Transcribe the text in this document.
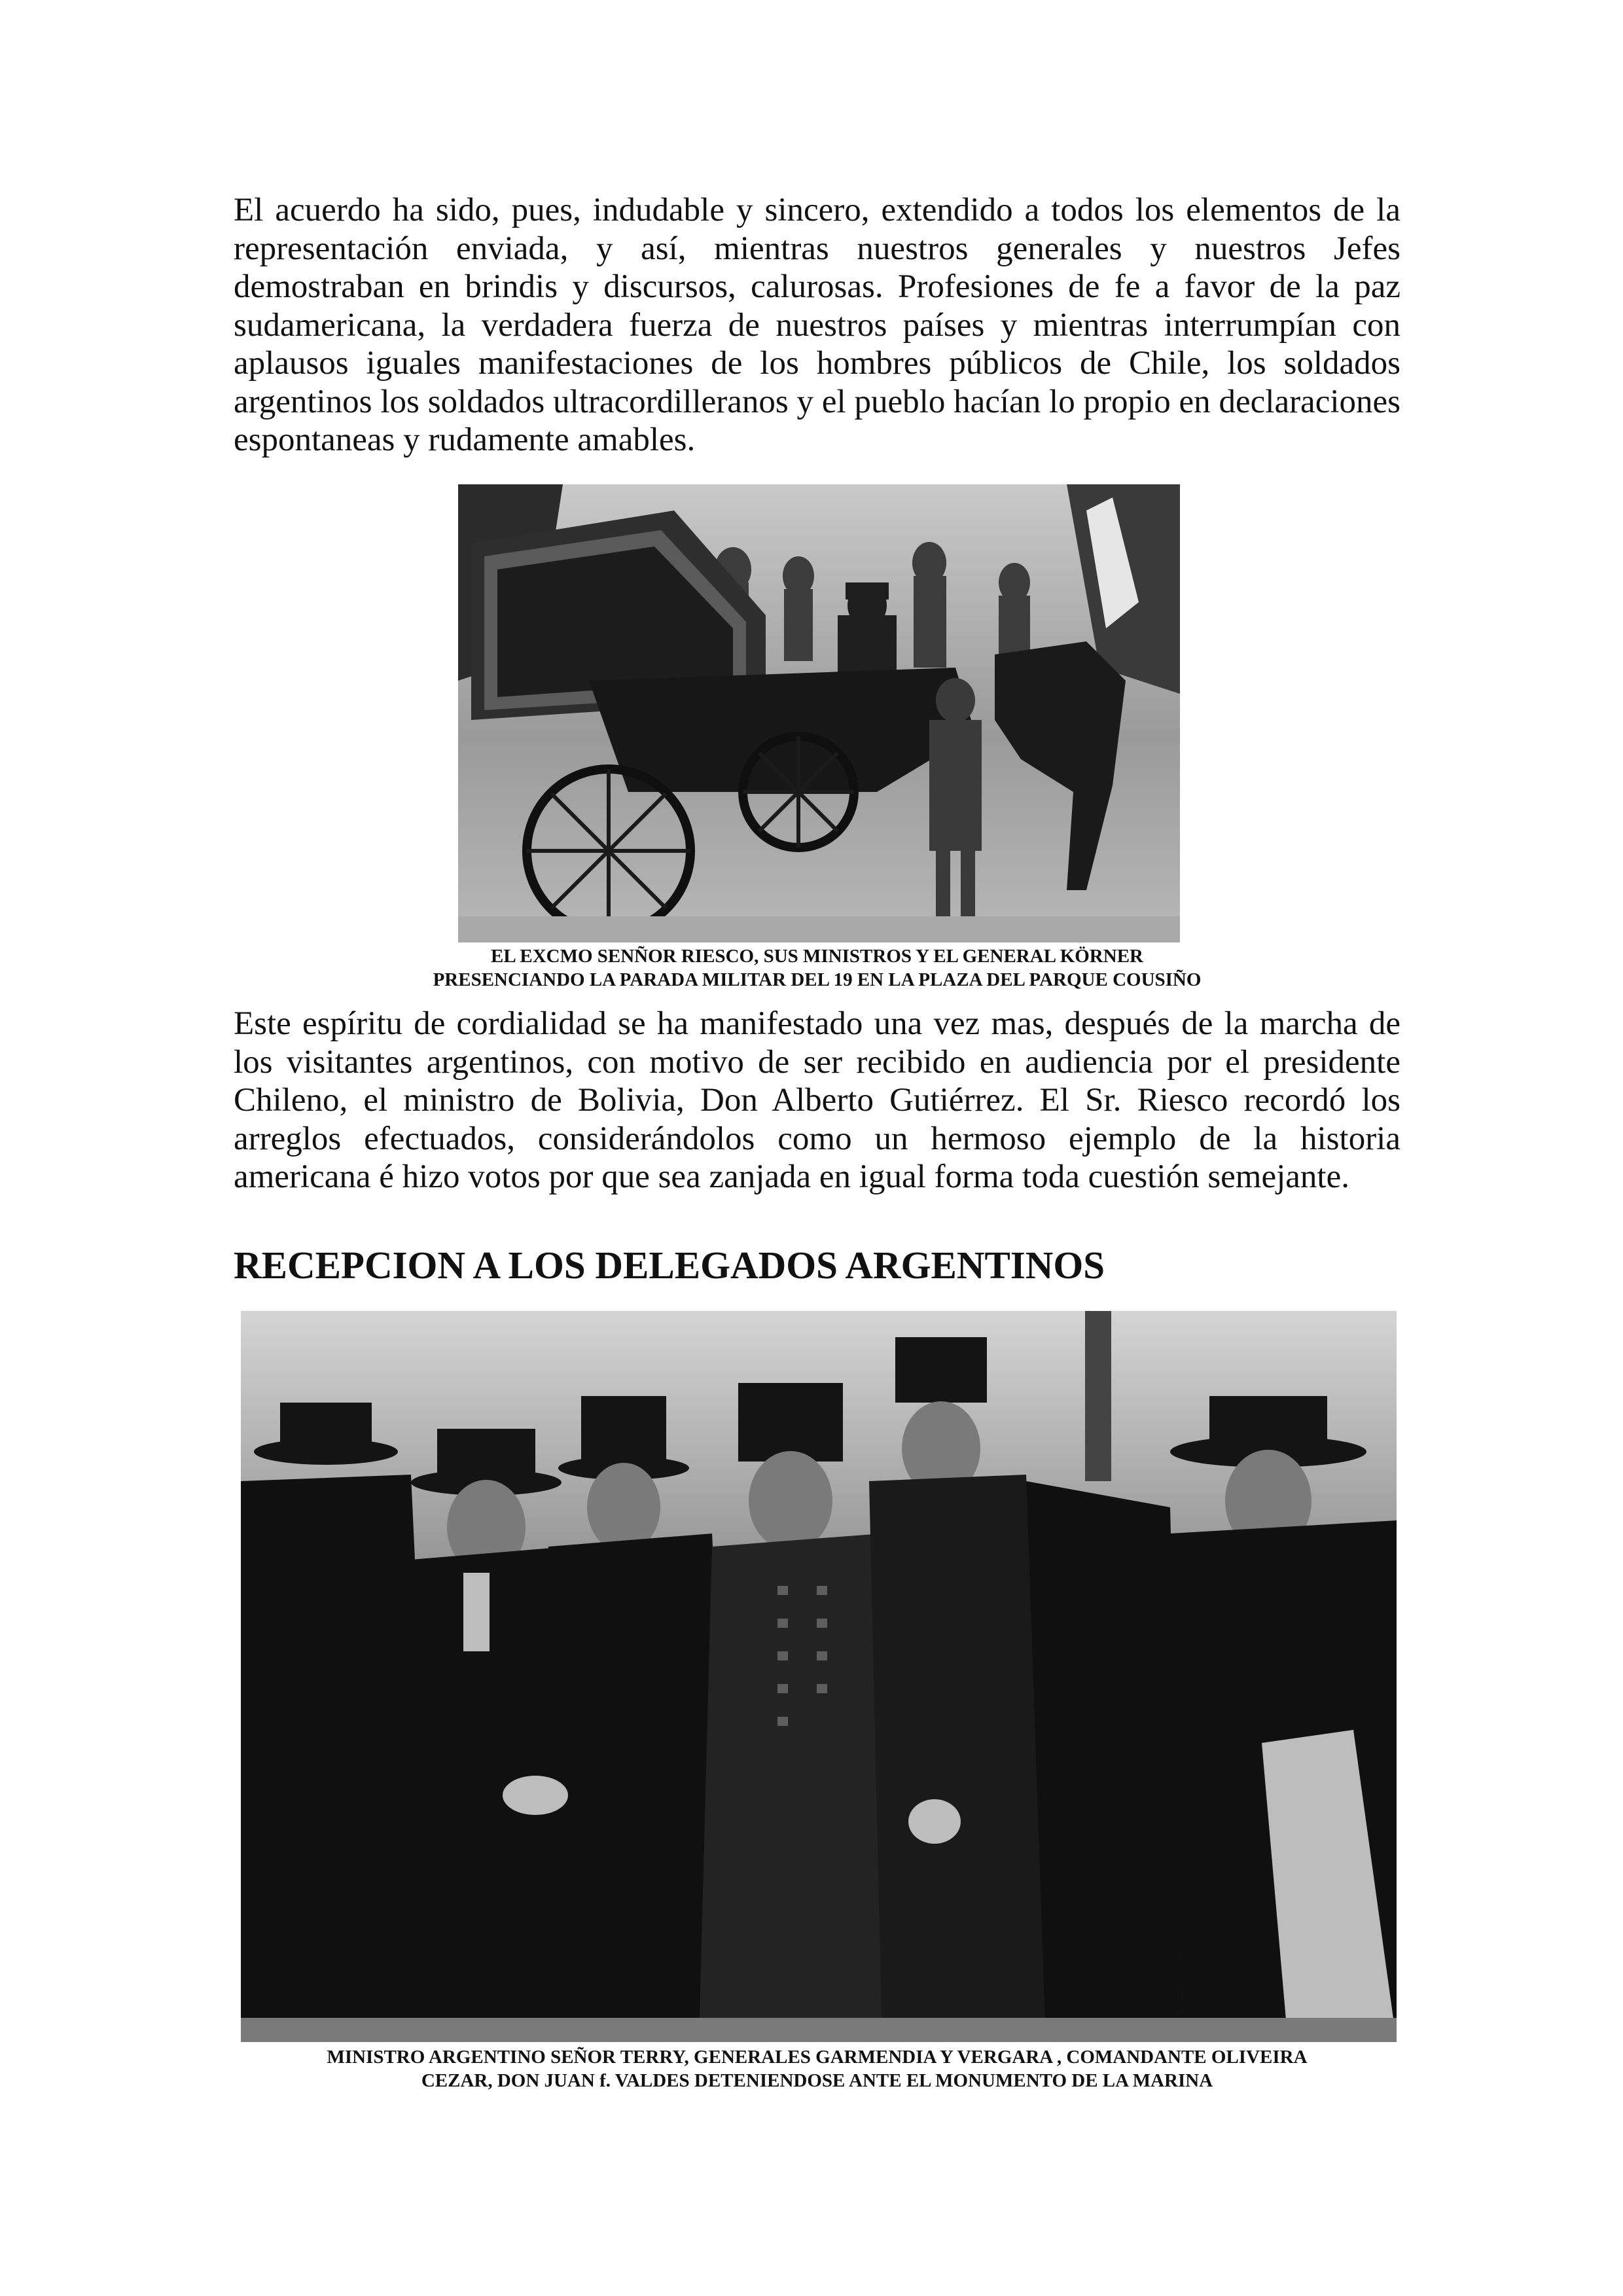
El acuerdo ha sido, pues, indudable y sincero, extendido a todos los elementos de la representación enviada, y así, mientras nuestros generales y nuestros Jefes demostraban en brindis y discursos, calurosas. Profesiones de fe a favor de la paz sudamericana, la verdadera fuerza de nuestros países y mientras interrumpían con aplausos iguales manifestaciones de los hombres públicos de Chile, los soldados argentinos los soldados ultracordilleranos y el pueblo hacían lo propio en declaraciones espontaneas y rudamente amables.

EL EXCMO SENÑOR RIESCO, SUS MINISTROS Y EL GENERAL KÖRNER
PRESENCIANDO LA PARADA MILITAR DEL 19 EN LA PLAZA DEL PARQUE COUSIÑO

Este espíritu de cordialidad se ha manifestado una vez mas, después de la marcha de los visitantes argentinos, con motivo de ser recibido en audiencia por el presidente Chileno, el ministro de Bolivia, Don Alberto Gutiérrez. El Sr. Riesco recordó los arreglos efectuados, considerándolos como un hermoso ejemplo de la historia americana é hizo votos por que sea zanjada en igual forma toda cuestión semejante.

RECEPCION A LOS DELEGADOS ARGENTINOS

MINISTRO ARGENTINO SEÑOR TERRY, GENERALES GARMENDIA Y VERGARA , COMANDANTE OLIVEIRA
CEZAR, DON JUAN f. VALDES DETENIENDOSE ANTE EL MONUMENTO DE LA MARINA
